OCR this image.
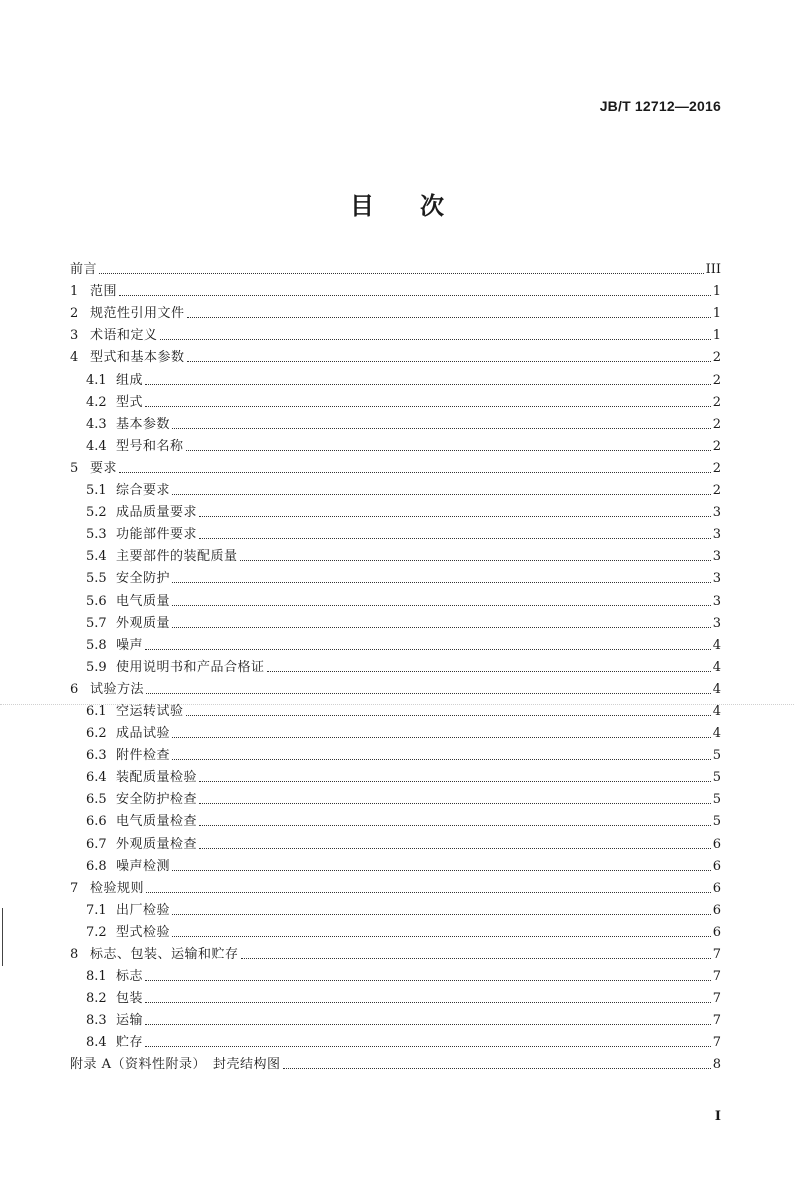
JB/T 12712—2016
目 次
前言	III
1 范围	1
2 规范性引用文件	1
3 术语和定义	1
4 型式和基本参数	2
4.1 组成	2
4.2 型式	2
4.3 基本参数	2
4.4 型号和名称	2
5 要求	2
5.1 综合要求	2
5.2 成品质量要求	3
5.3 功能部件要求	3
5.4 主要部件的装配质量	3
5.5 安全防护	3
5.6 电气质量	3
5.7 外观质量	3
5.8 噪声	4
5.9 使用说明书和产品合格证	4
6 试验方法	4
6.1 空运转试验	4
6.2 成品试验	4
6.3 附件检查	5
6.4 装配质量检验	5
6.5 安全防护检查	5
6.6 电气质量检查	5
6.7 外观质量检查	6
6.8 噪声检测	6
7 检验规则	6
7.1 出厂检验	6
7.2 型式检验	6
8 标志、包装、运输和贮存	7
8.1 标志	7
8.2 包装	7
8.3 运输	7
8.4 贮存	7
附录 A（资料性附录）　封壳结构图	8
I
